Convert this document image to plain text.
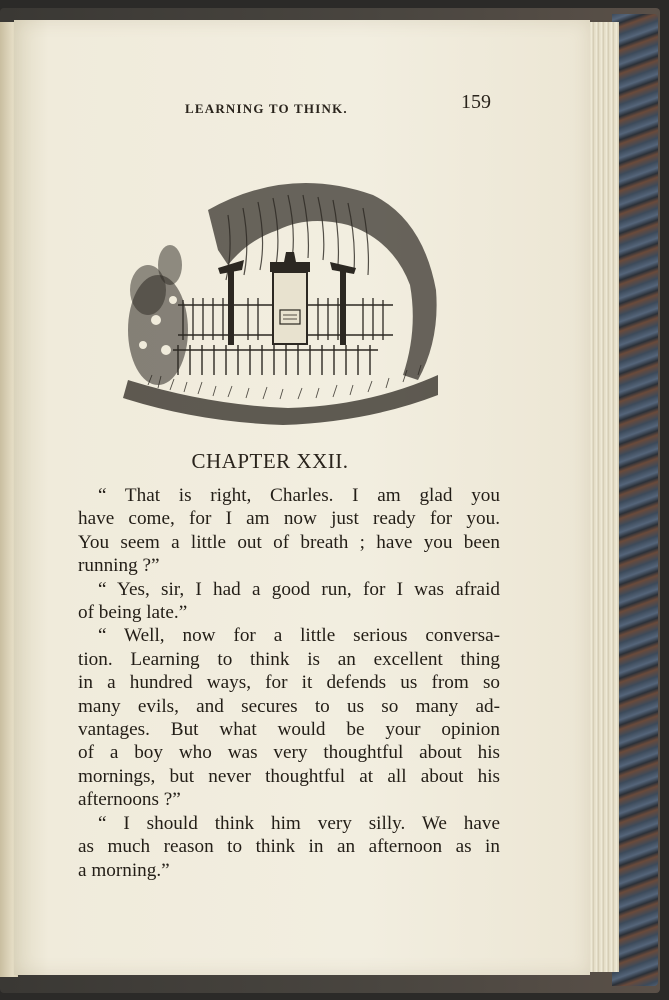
LEARNING TO THINK.	159
CHAPTER XXII.

“ That is right, Charles. I am glad you
have come, for I am now just ready for you.
You seem a little out of breath ; have you been
running ?”

“ Yes, sir, I had a good run, for I was afraid
of being late.”

“ Well, now for a little serious conversa-
tion. Learning to think is an excellent thing
in a hundred ways, for it defends us from so
many evils, and secures to us so many ad-
vantages. But what would be your opinion
of a boy who was very thoughtful about his
mornings, but never thoughtful at all about his
afternoons ?”

“ I should think him very silly. We have
as much reason to think in an afternoon as in
a morning.”
